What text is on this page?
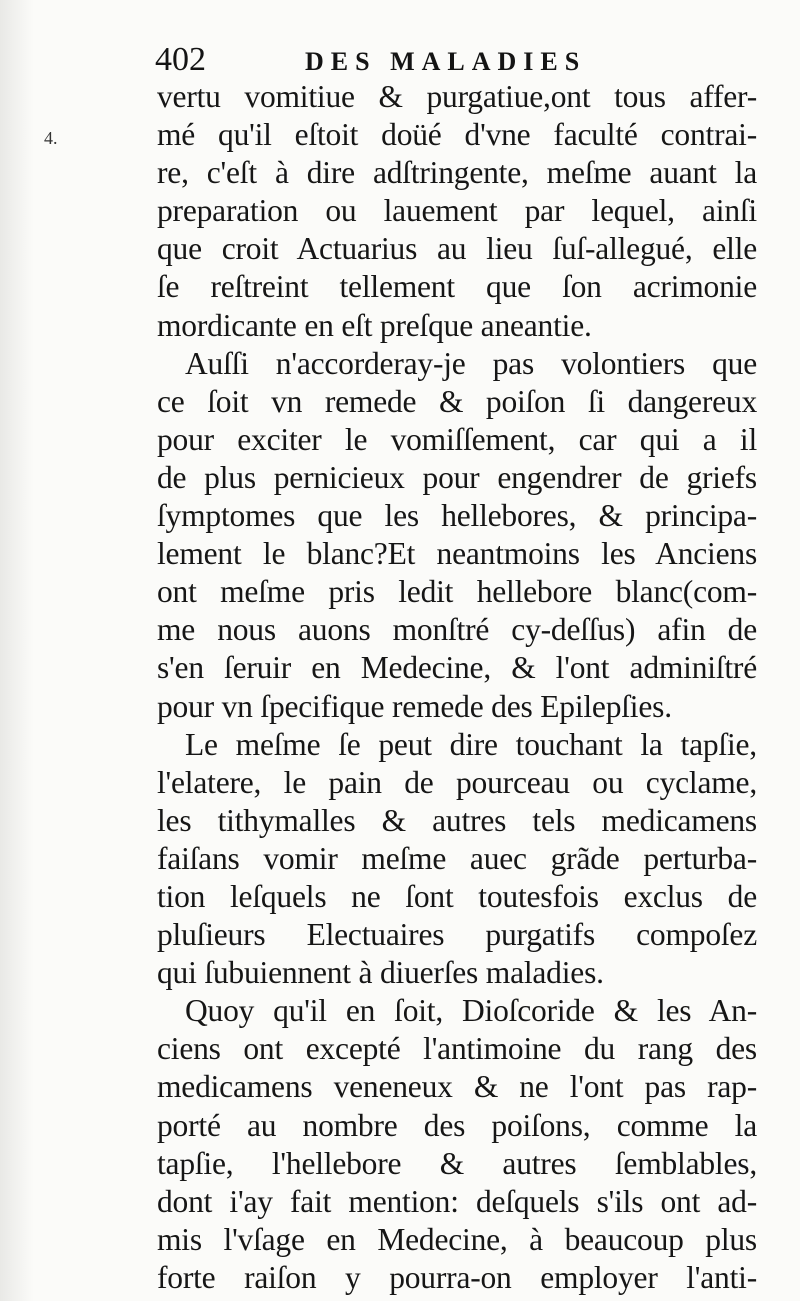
402	DES MALADIES
4.
vertu vomitiue & purgatiue,ont tous affer-
mé qu'il eſtoit doüé d'vne faculté contrai-
re, c'eſt à dire adſtringente, meſme auant la
preparation ou lauement par lequel, ainſi
que croit Actuarius au lieu ſuſ-allegué, elle
ſe reſtreint tellement que ſon acrimonie
mordicante en eſt preſque aneantie.
Auſſi n'accorderay-je pas volontiers que
ce ſoit vn remede & poiſon ſi dangereux
pour exciter le vomiſſement, car qui a il
de plus pernicieux pour engendrer de griefs
ſymptomes que les hellebores, & principa-
lement le blanc?Et neantmoins les Anciens
ont meſme pris ledit hellebore blanc(com-
me nous auons monſtré cy-deſſus) afin de
s'en ſeruir en Medecine, & l'ont adminiſtré
pour vn ſpecifique remede des Epilepſies.
Le meſme ſe peut dire touchant la tapſie,
l'elatere, le pain de pourceau ou cyclame,
les tithymalles & autres tels medicamens
faiſans vomir meſme auec grãde perturba-
tion leſquels ne ſont toutesfois exclus de
pluſieurs Electuaires purgatifs compoſez
qui ſubuiennent à diuerſes maladies.
Quoy qu'il en ſoit, Dioſcoride & les An-
ciens ont excepté l'antimoine du rang des
medicamens veneneux & ne l'ont pas rap-
porté au nombre des poiſons, comme la
tapſie, l'hellebore & autres ſemblables,
dont i'ay fait mention: deſquels s'ils ont ad-
mis l'vſage en Medecine, à beaucoup plus
forte raiſon y pourra-on employer l'anti-
